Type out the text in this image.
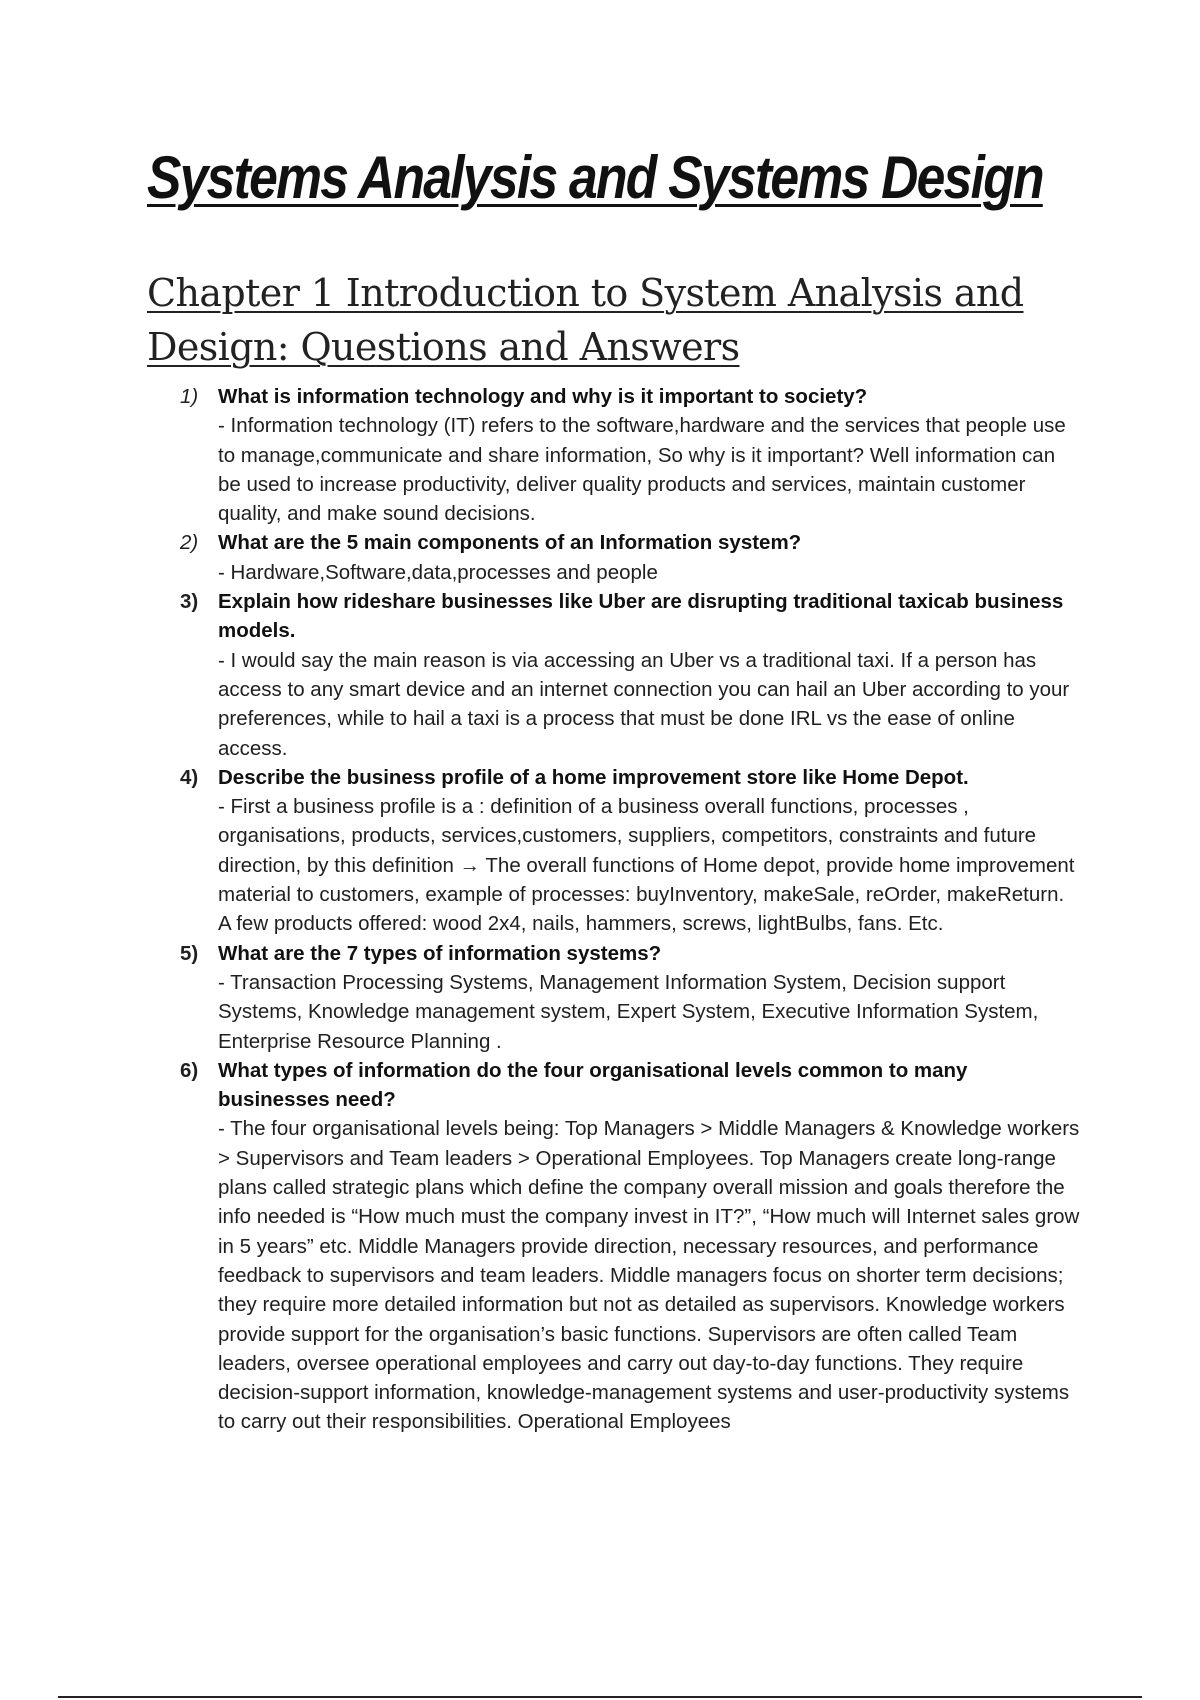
Systems Analysis and Systems Design
Chapter 1 Introduction to System Analysis and Design: Questions and Answers
1) What is information technology and why is it important to society?

- Information technology (IT) refers to the software,hardware and the services that people use to manage,communicate and share information, So why is it important? Well information can be used to increase productivity, deliver quality products and services, maintain customer quality, and make sound decisions.

2) What are the 5 main components of an Information system?

- Hardware,Software,data,processes and people

3) Explain how rideshare businesses like Uber are disrupting traditional taxicab business models.

- I would say the main reason is via accessing an Uber vs a traditional taxi. If a person has access to any smart device and an internet connection you can hail an Uber according to your preferences, while to hail a taxi is a process that must be done IRL vs the ease of online access.

4) Describe the business profile of a home improvement store like Home Depot.

- First a business profile is a : definition of a business overall functions, processes , organisations, products, services,customers, suppliers, competitors, constraints and future direction, by this definition → The overall functions of Home depot, provide home improvement material to customers, example of processes: buyInventory, makeSale, reOrder, makeReturn. A few products offered: wood 2x4, nails, hammers, screws, lightBulbs, fans. Etc.

5) What are the 7 types of information systems?

- Transaction Processing Systems, Management Information System, Decision support Systems, Knowledge management system, Expert System, Executive Information System, Enterprise Resource Planning .

6) What types of information do the four organisational levels common to many businesses need?

- The four organisational levels being: Top Managers > Middle Managers & Knowledge workers > Supervisors and Team leaders > Operational Employees. Top Managers create long-range plans called strategic plans which define the company overall mission and goals therefore the info needed is “How much must the company invest in IT?”, “How much will Internet sales grow in 5 years” etc. Middle Managers provide direction, necessary resources, and performance feedback to supervisors and team leaders. Middle managers focus on shorter term decisions; they require more detailed information but not as detailed as supervisors. Knowledge workers provide support for the organisation’s basic functions. Supervisors are often called Team leaders, oversee operational employees and carry out day-to-day functions. They require decision-support information, knowledge-management systems and user-productivity systems to carry out their responsibilities. Operational Employees
